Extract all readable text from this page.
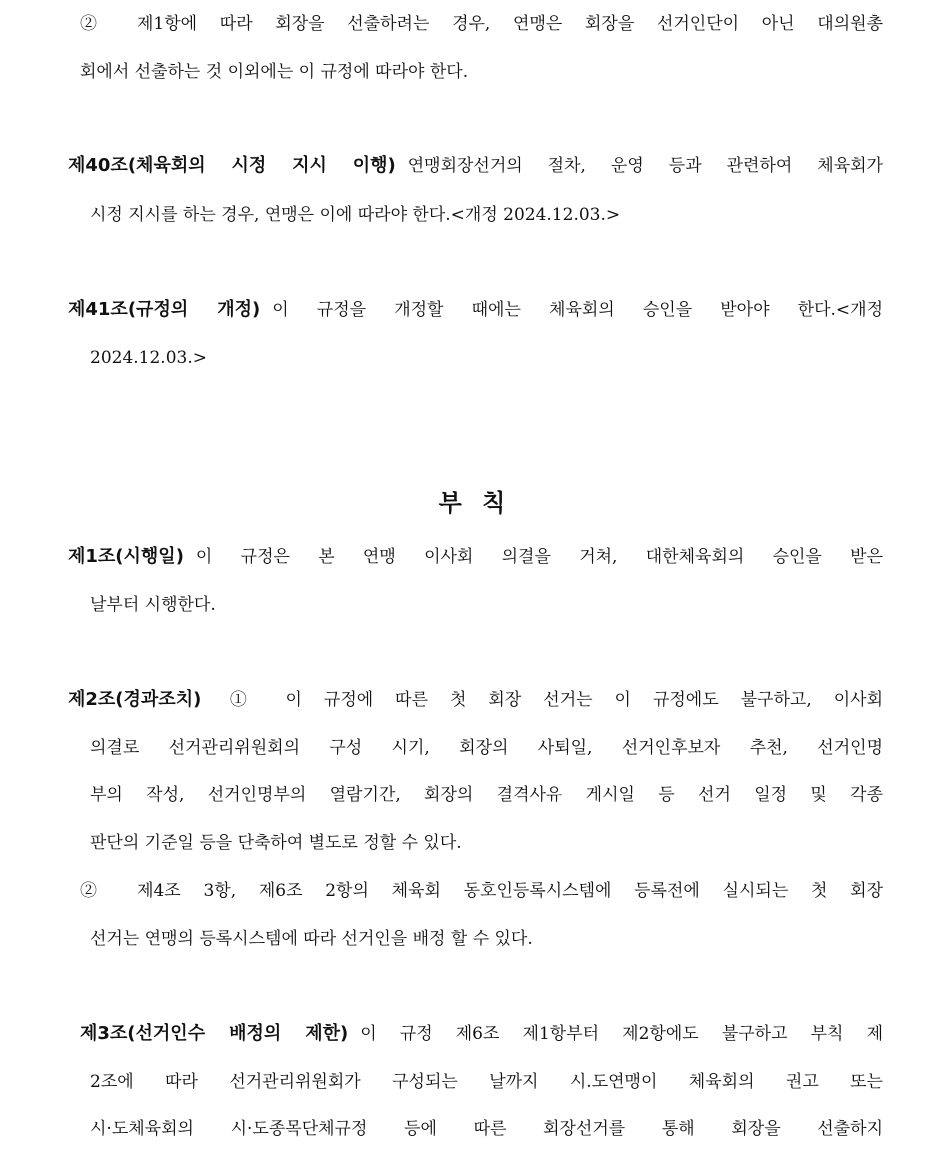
② 제1항에 따라 회장을 선출하려는 경우, 연맹은 회장을 선거인단이 아닌 대의원총
회에서 선출하는 것 이외에는 이 규정에 따라야 한다.
제40조(체육회의 시정 지시 이행) 연맹회장선거의 절차, 운영 등과 관련하여 체육회가
시정 지시를 하는 경우, 연맹은 이에 따라야 한다.<개정 2024.12.03.>
제41조(규정의 개정) 이 규정을 개정할 때에는 체육회의 승인을 받아야 한다.<개정
2024.12.03.>
부 칙
제1조(시행일) 이 규정은 본 연맹 이사회 의결을 거쳐, 대한체육회의 승인을 받은
날부터 시행한다.
제2조(경과조치) ① 이 규정에 따른 첫 회장 선거는 이 규정에도 불구하고, 이사회
의결로 선거관리위원회의 구성 시기, 회장의 사퇴일, 선거인후보자 추천, 선거인명
부의 작성, 선거인명부의 열람기간, 회장의 결격사유 게시일 등 선거 일정 및 각종
판단의 기준일 등을 단축하여 별도로 정할 수 있다.
② 제4조 3항, 제6조 2항의 체육회 동호인등록시스템에 등록전에 실시되는 첫 회장
선거는 연맹의 등록시스템에 따라 선거인을 배정 할 수 있다.
제3조(선거인수 배정의 제한) 이 규정 제6조 제1항부터 제2항에도 불구하고 부칙 제
2조에 따라 선거관리위원회가 구성되는 날까지 시.도연맹이 체육회의 권고 또는
시·도체육회의 시·도종목단체규정 등에 따른 회장선거를 통해 회장을 선출하지
